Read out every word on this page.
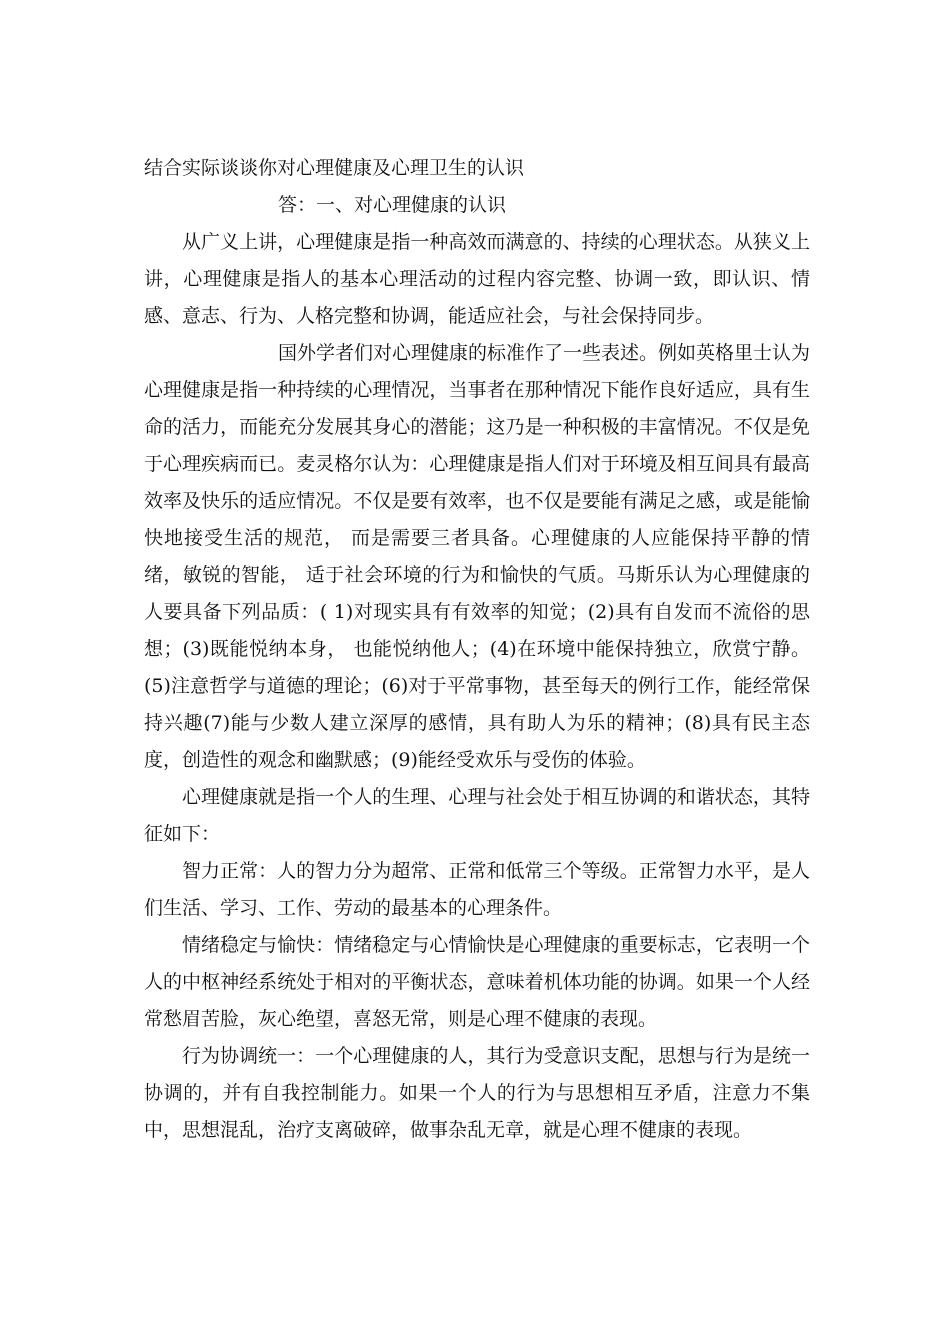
结合实际谈谈你对心理健康及心理卫生的认识

答：一、对心理健康的认识

从广义上讲，心理健康是指一种高效而满意的、持续的心理状态。从狭义上讲，心理健康是指人的基本心理活动的过程内容完整、协调一致，即认识、情感、意志、行为、人格完整和协调，能适应社会，与社会保持同步。

国外学者们对心理健康的标准作了一些表述。例如英格里士认为心理健康是指一种持续的心理情况，当事者在那种情况下能作良好适应，具有生命的活力，而能充分发展其身心的潜能；这乃是一种积极的丰富情况。不仅是免于心理疾病而已。麦灵格尔认为：心理健康是指人们对于环境及相互间具有最高效率及快乐的适应情况。不仅是要有效率，也不仅是要能有满足之感，或是能愉快地接受生活的规范， 而是需要三者具备。心理健康的人应能保持平静的情绪，敏锐的智能， 适于社会环境的行为和愉快的气质。马斯乐认为心理健康的人要具备下列品质：( 1)对现实具有有效率的知觉；(2)具有自发而不流俗的思想；(3)既能悦纳本身， 也能悦纳他人；(4)在环境中能保持独立，欣赏宁静。(5)注意哲学与道德的理论；(6)对于平常事物，甚至每天的例行工作，能经常保持兴趣(7)能与少数人建立深厚的感情，具有助人为乐的精神；(8)具有民主态度，创造性的观念和幽默感；(9)能经受欢乐与受伤的体验。

心理健康就是指一个人的生理、心理与社会处于相互协调的和谐状态，其特征如下：

智力正常：人的智力分为超常、正常和低常三个等级。正常智力水平，是人们生活、学习、工作、劳动的最基本的心理条件。

情绪稳定与愉快：情绪稳定与心情愉快是心理健康的重要标志，它表明一个人的中枢神经系统处于相对的平衡状态，意味着机体功能的协调。如果一个人经常愁眉苦脸，灰心绝望，喜怒无常，则是心理不健康的表现。

行为协调统一：一个心理健康的人，其行为受意识支配，思想与行为是统一协调的，并有自我控制能力。如果一个人的行为与思想相互矛盾，注意力不集中，思想混乱，治疗支离破碎，做事杂乱无章，就是心理不健康的表现。
